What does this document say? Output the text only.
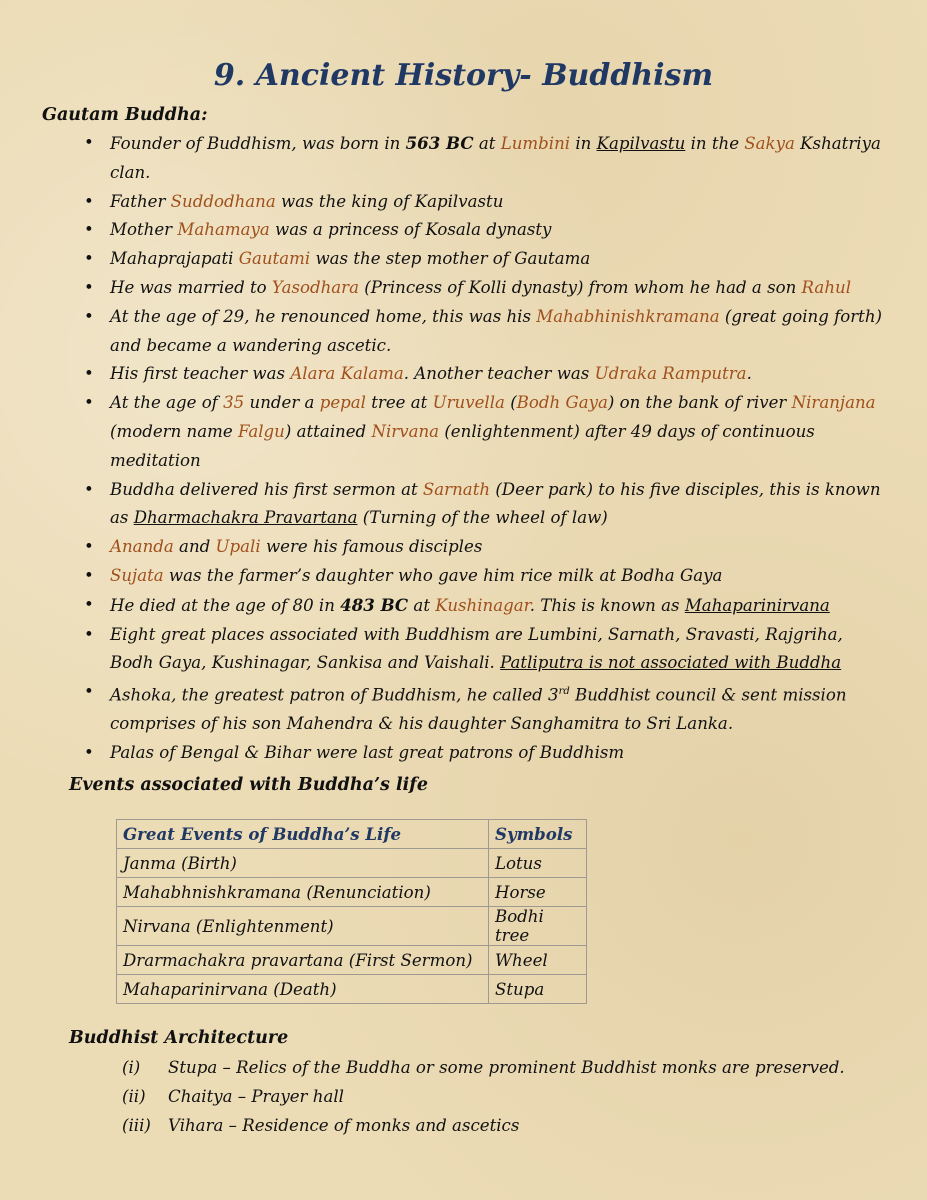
9. Ancient History- Buddhism
Gautam Buddha:
• Founder of Buddhism, was born in 563 BC at Lumbini in Kapilvastu in the Sakya Kshatriya clan.
• Father Suddodhana was the king of Kapilvastu
• Mother Mahamaya was a princess of Kosala dynasty
• Mahaprajapati Gautami was the step mother of Gautama
• He was married to Yasodhara (Princess of Kolli dynasty) from whom he had a son Rahul
• At the age of 29, he renounced home, this was his Mahabhinishkramana (great going forth) and became a wandering ascetic.
• His first teacher was Alara Kalama. Another teacher was Udraka Ramputra.
• At the age of 35 under a pepal tree at Uruvella (Bodh Gaya) on the bank of river Niranjana (modern name Falgu) attained Nirvana (enlightenment) after 49 days of continuous meditation
• Buddha delivered his first sermon at Sarnath (Deer park) to his five disciples, this is known as Dharmachakra Pravartana (Turning of the wheel of law)
• Ananda and Upali were his famous disciples
• Sujata was the farmer’s daughter who gave him rice milk at Bodha Gaya
• He died at the age of 80 in 483 BC at Kushinagar. This is known as Mahaparinirvana
• Eight great places associated with Buddhism are Lumbini, Sarnath, Sravasti, Rajgriha, Bodh Gaya, Kushinagar, Sankisa and Vaishali. Patliputra is not associated with Buddha
• Ashoka, the greatest patron of Buddhism, he called 3rd Buddhist council & sent mission comprises of his son Mahendra & his daughter Sanghamitra to Sri Lanka.
• Palas of Bengal & Bihar were last great patrons of Buddhism
Events associated with Buddha’s life
Great Events of Buddha’s Life	Symbols
Janma (Birth)	Lotus
Mahabhnishkramana (Renunciation)	Horse
Nirvana (Enlightenment)	Bodhi tree
Drarmachakra pravartana (First Sermon)	Wheel
Mahaparinirvana (Death)	Stupa
Buddhist Architecture
(i)	Stupa – Relics of the Buddha or some prominent Buddhist monks are preserved.
(ii)	Chaitya – Prayer hall
(iii)	Vihara – Residence of monks and ascetics
